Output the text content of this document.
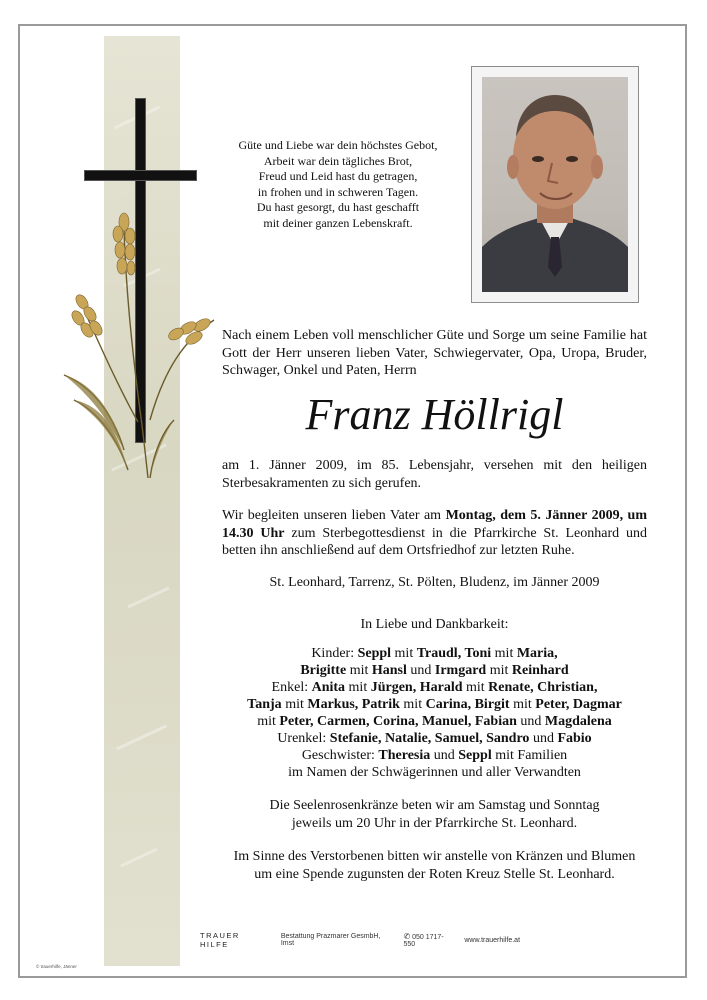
Güte und Liebe war dein höchstes Gebot,
Arbeit war dein tägliches Brot,
Freud und Leid hast du getragen,
in frohen und in schweren Tagen.
Du hast gesorgt, du hast geschafft
mit deiner ganzen Lebenskraft.
Nach einem Leben voll menschlicher Güte und Sorge um seine Familie hat Gott der Herr unseren lieben Vater, Schwiegervater, Opa, Uropa, Bruder, Schwager, Onkel und Paten, Herrn
Franz Höllrigl
am 1. Jänner 2009, im 85. Lebensjahr, versehen mit den heiligen Sterbesakramenten zu sich gerufen.
Wir begleiten unseren lieben Vater am Montag, dem 5. Jänner 2009, um 14.30 Uhr zum Sterbegottesdienst in die Pfarrkirche St. Leonhard und betten ihn anschließend auf dem Ortsfriedhof zur letzten Ruhe.
St. Leonhard, Tarrenz, St. Pölten, Bludenz, im Jänner 2009
In Liebe und Dankbarkeit:
Kinder: Seppl mit Traudl, Toni mit Maria,
Brigitte mit Hansl und Irmgard mit Reinhard
Enkel: Anita mit Jürgen, Harald mit Renate, Christian,
Tanja mit Markus, Patrik mit Carina, Birgit mit Peter, Dagmar
mit Peter, Carmen, Corina, Manuel, Fabian und Magdalena
Urenkel: Stefanie, Natalie, Samuel, Sandro und Fabio
Geschwister: Theresia und Seppl mit Familien
im Namen der Schwägerinnen und aller Verwandten
Die Seelenrosenkränze beten wir am Samstag und Sonntag
jeweils um 20 Uhr in der Pfarrkirche St. Leonhard.
Im Sinne des Verstorbenen bitten wir anstelle von Kränzen und Blumen
um eine Spende zugunsten der Roten Kreuz Stelle St. Leonhard.
TRAUER HILFE
Bestattung Prazmarer GesmbH, Imst
✆ 050 1717-550
www.trauerhilfe.at
© trauerhilfe, Jänner
